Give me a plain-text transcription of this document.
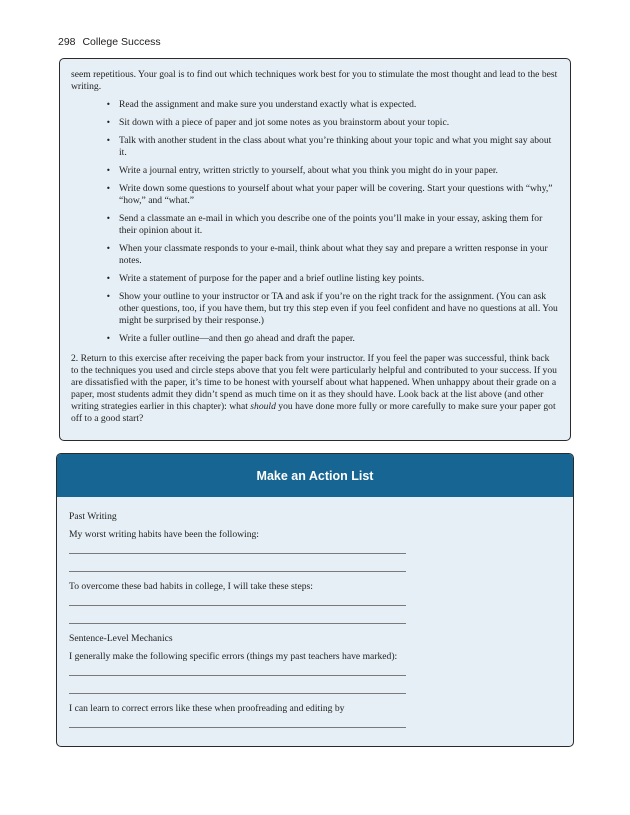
298 College Success

seem repetitious. Your goal is to find out which techniques work best for you to stimulate the most thought and lead to the best writing.

• Read the assignment and make sure you understand exactly what is expected.
• Sit down with a piece of paper and jot some notes as you brainstorm about your topic.
• Talk with another student in the class about what you’re thinking about your topic and what you might say about it.
• Write a journal entry, written strictly to yourself, about what you think you might do in your paper.
• Write down some questions to yourself about what your paper will be covering. Start your questions with “why,” “how,” and “what.”
• Send a classmate an e-mail in which you describe one of the points you’ll make in your essay, asking them for their opinion about it.
• When your classmate responds to your e-mail, think about what they say and prepare a written response in your notes.
• Write a statement of purpose for the paper and a brief outline listing key points.
• Show your outline to your instructor or TA and ask if you’re on the right track for the assignment. (You can ask other questions, too, if you have them, but try this step even if you feel confident and have no questions at all. You might be surprised by their response.)
• Write a fuller outline—and then go ahead and draft the paper.

2. Return to this exercise after receiving the paper back from your instructor. If you feel the paper was successful, think back to the techniques you used and circle steps above that you felt were particularly helpful and contributed to your success. If you are dissatisfied with the paper, it’s time to be honest with yourself about what happened. When unhappy about their grade on a paper, most students admit they didn’t spend as much time on it as they should have. Look back at the list above (and other writing strategies earlier in this chapter): what should you have done more fully or more carefully to make sure your paper got off to a good start?

Make an Action List
Past Writing
My worst writing habits have been the following:
To overcome these bad habits in college, I will take these steps:
Sentence-Level Mechanics
I generally make the following specific errors (things my past teachers have marked):
I can learn to correct errors like these when proofreading and editing by
